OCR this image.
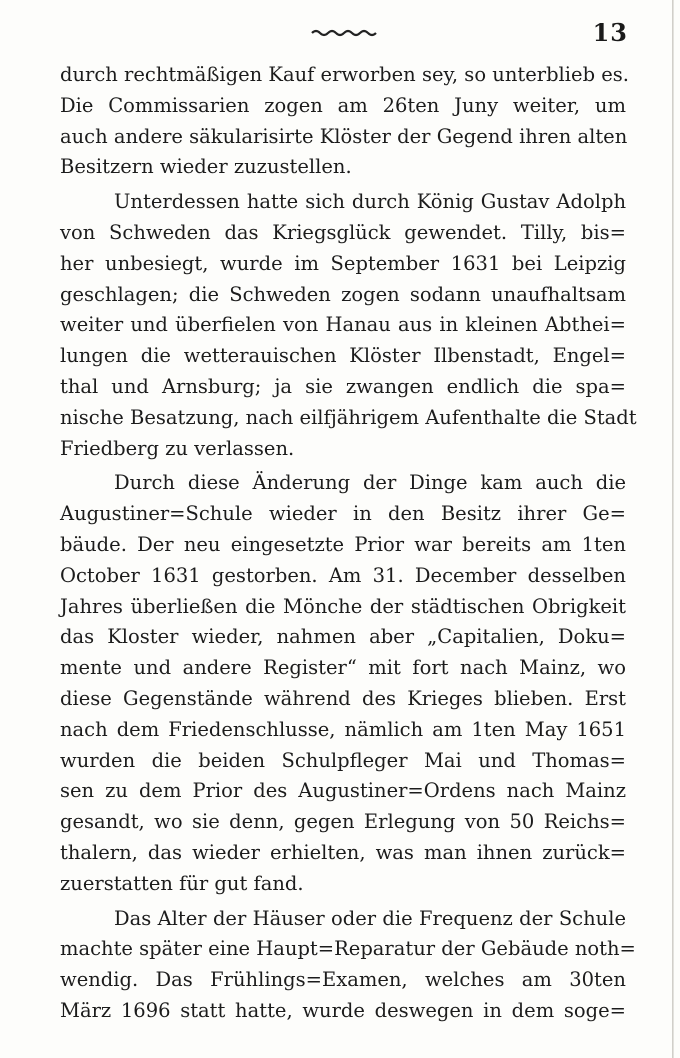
13
durch rechtmäßigen Kauf erworben sey, so unterblieb es.
Die Commissarien zogen am 26ten Juny weiter, um
auch andere säkularisirte Klöster der Gegend ihren alten
Besitzern wieder zuzustellen.
Unterdessen hatte sich durch König Gustav Adolph
von Schweden das Kriegsglück gewendet. Tilly, bis=
her unbesiegt, wurde im September 1631 bei Leipzig
geschlagen; die Schweden zogen sodann unaufhaltsam
weiter und überfielen von Hanau aus in kleinen Abthei=
lungen die wetterauischen Klöster Ilbenstadt, Engel=
thal und Arnsburg; ja sie zwangen endlich die spa=
nische Besatzung, nach eilfjährigem Aufenthalte die Stadt
Friedberg zu verlassen.
Durch diese Änderung der Dinge kam auch die
Augustiner=Schule wieder in den Besitz ihrer Ge=
bäude. Der neu eingesetzte Prior war bereits am 1ten
October 1631 gestorben. Am 31. December desselben
Jahres überließen die Mönche der städtischen Obrigkeit
das Kloster wieder, nahmen aber „Capitalien, Doku=
mente und andere Register“ mit fort nach Mainz, wo
diese Gegenstände während des Krieges blieben. Erst
nach dem Friedenschlusse, nämlich am 1ten May 1651
wurden die beiden Schulpfleger Mai und Thomas=
sen zu dem Prior des Augustiner=Ordens nach Mainz
gesandt, wo sie denn, gegen Erlegung von 50 Reichs=
thalern, das wieder erhielten, was man ihnen zurück=
zuerstatten für gut fand.
Das Alter der Häuser oder die Frequenz der Schule
machte später eine Haupt=Reparatur der Gebäude noth=
wendig. Das Frühlings=Examen, welches am 30ten
März 1696 statt hatte, wurde deswegen in dem soge=
